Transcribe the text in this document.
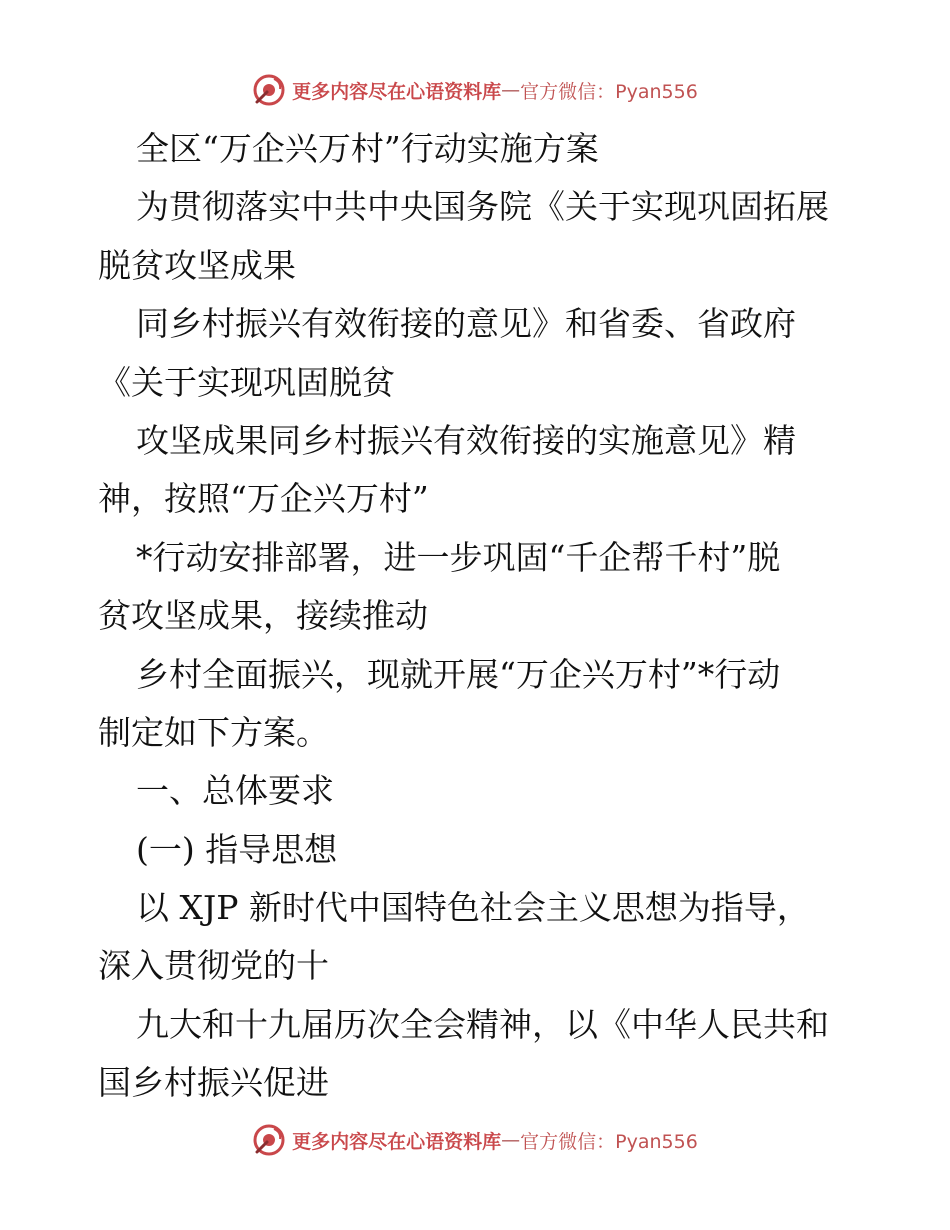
更多内容尽在心语资料库 — 官方微信：Pyan556
全区“万企兴万村”行动实施方案
为贯彻落实中共中央国务院《关于实现巩固拓展
脱贫攻坚成果
同乡村振兴有效衔接的意见》和省委、省政府
《关于实现巩固脱贫
攻坚成果同乡村振兴有效衔接的实施意见》精
神，按照“万企兴万村”
*行动安排部署，进一步巩固“千企帮千村”脱
贫攻坚成果，接续推动
乡村全面振兴，现就开展“万企兴万村”*行动
制定如下方案。
一、总体要求
(一) 指导思想
以 XJP 新时代中国特色社会主义思想为指导，
深入贯彻党的十
九大和十九届历次全会精神，以《中华人民共和
国乡村振兴促进
更多内容尽在心语资料库 — 官方微信：Pyan556
